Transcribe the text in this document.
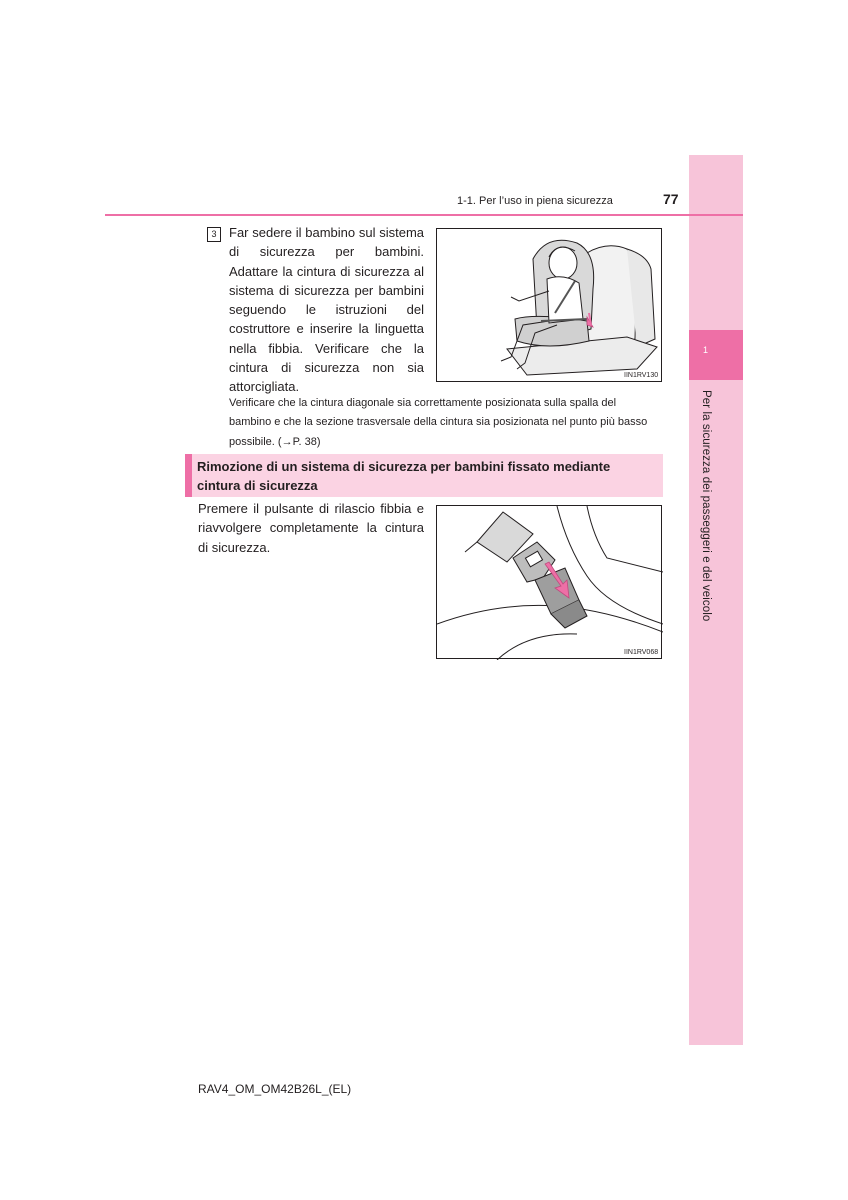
1
Per la sicurezza dei passeggeri e del veicolo
1-1. Per l’uso in piena sicurezza	77
3 Far sedere il bambino sul sistema di sicurezza per bambini. Adattare la cintura di sicurezza al sistema di sicurezza per bambini seguendo le istruzioni del costruttore e inserire la linguetta nella fibbia. Verificare che la cintura di sicurezza non sia attorcigliata.

IIN1RV130

Verificare che la cintura diagonale sia correttamente posizionata sulla spalla del bambino e che la sezione trasversale della cintura sia posizionata nel punto più basso possibile. (→P. 38)

Rimozione di un sistema di sicurezza per bambini fissato mediante cintura di sicurezza

Premere il pulsante di rilascio fibbia e riavvolgere completamente la cintura di sicurezza.

IIN1RV068
RAV4_OM_OM42B26L_(EL)
